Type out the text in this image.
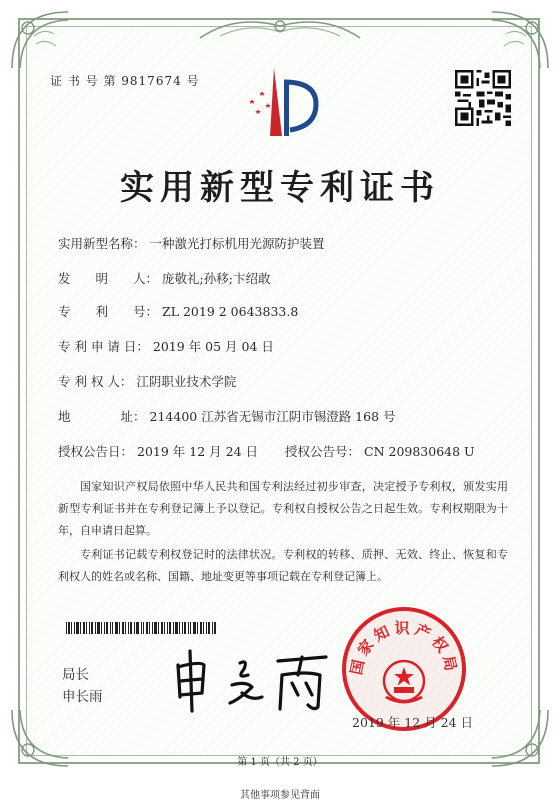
证 书 号 第 9817674 号
实用新型专利证书
实用新型名称： 一种激光打标机用光源防护装置
发　　明　　人： 庞敬礼;孙移;卞绍敢
专　　利　　号： ZL 2019 2 0643833.8
专 利 申 请 日： 2019 年 05 月 04 日
专 利 权 人： 江阴职业技术学院
地　　　　址： 214400 江苏省无锡市江阴市锡澄路 168 号
授权公告日： 2019 年 12 月 24 日 授权公告号： CN 209830648 U
国家知识产权局依照中华人民共和国专利法经过初步审查，决定授予专利权，颁发实用新型专利证书并在专利登记簿上予以登记。专利权自授权公告之日起生效。专利权期限为十年，自申请日起算。
专利证书记载专利权登记时的法律状况。专利权的转移、质押、无效、终止、恢复和专利权人的姓名或名称、国籍、地址变更等事项记载在专利登记簿上。
局长
申长雨
国家知识产权局
2019 年 12 月 24 日
第 1 页（共 2 页）
其他事项参见背面
